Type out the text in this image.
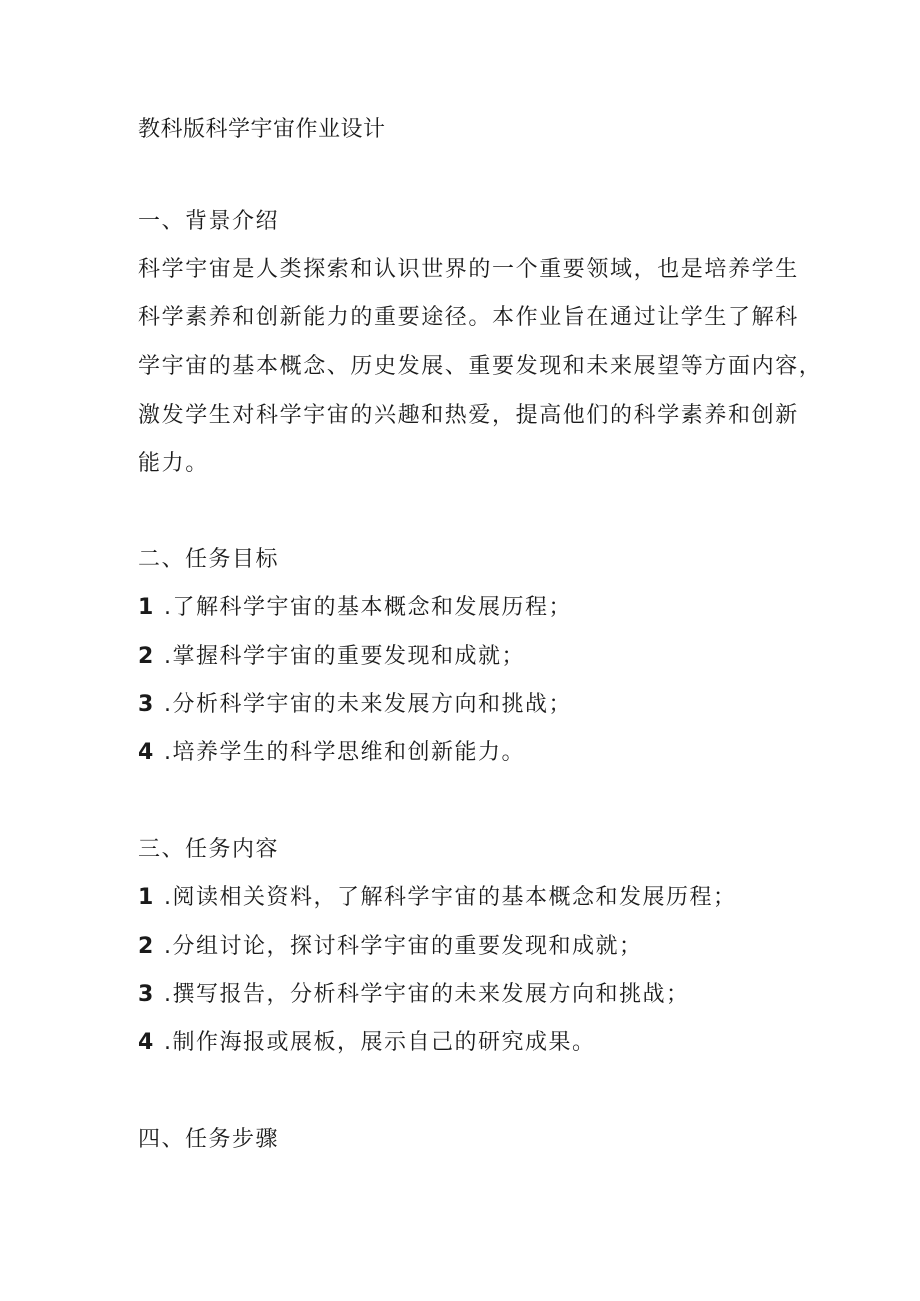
教科版科学宇宙作业设计
一、背景介绍
科学宇宙是人类探索和认识世界的一个重要领域，也是培养学生
科学素养和创新能力的重要途径。本作业旨在通过让学生了解科
学宇宙的基本概念、历史发展、重要发现和未来展望等方面内容，
激发学生对科学宇宙的兴趣和热爱，提高他们的科学素养和创新
能力。
二、任务目标
1 .了解科学宇宙的基本概念和发展历程；
2 .掌握科学宇宙的重要发现和成就；
3 .分析科学宇宙的未来发展方向和挑战；
4 .培养学生的科学思维和创新能力。
三、任务内容
1 .阅读相关资料，了解科学宇宙的基本概念和发展历程；
2 .分组讨论，探讨科学宇宙的重要发现和成就；
3 .撰写报告，分析科学宇宙的未来发展方向和挑战；
4 .制作海报或展板，展示自己的研究成果。
四、任务步骤
